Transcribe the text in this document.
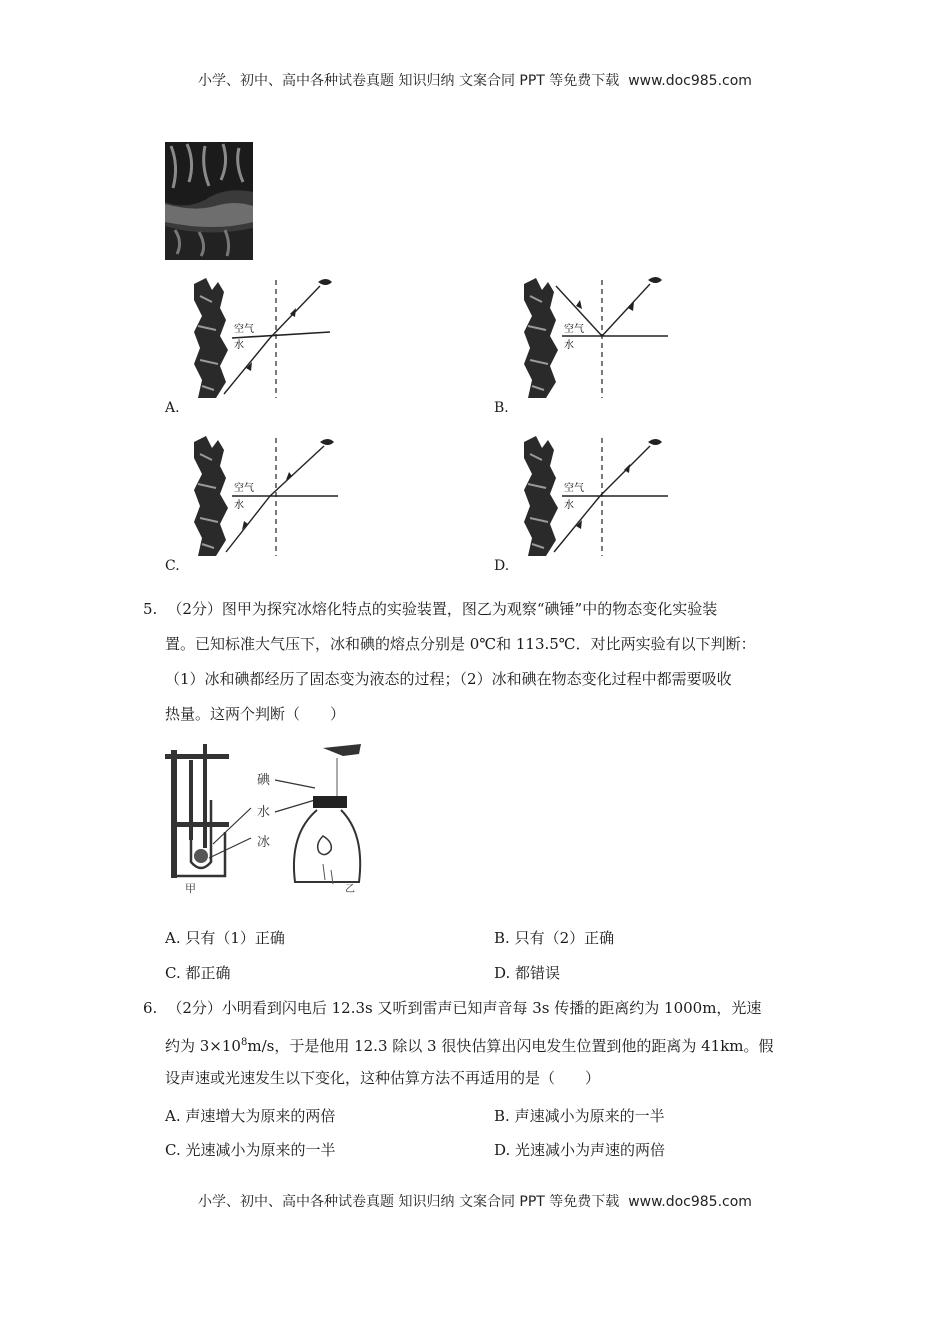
小学、初中、高中各种试卷真题 知识归纳 文案合同 PPT 等免费下载 www.doc985.com
空气
水
A.
空气
水
B.
空气
水
C.
空气
水
D.
5. （2分）图甲为探究冰熔化特点的实验装置，图乙为观察“碘锤”中的物态变化实验装
置。已知标准大气压下，冰和碘的熔点分别是 0℃和 113.5℃．对比两实验有以下判断：
（1）冰和碘都经历了固态变为液态的过程；（2）冰和碘在物态变化过程中都需要吸收
热量。这两个判断（　　）
甲
碘
水
冰
乙
A. 只有（1）正确	B. 只有（2）正确
C. 都正确	D. 都错误
6. （2分）小明看到闪电后 12.3s 又听到雷声已知声音每 3s 传播的距离约为 1000m，光速
约为 $3\times 10^8m/s$，于是他用 12.3 除以 3 很快估算出闪电发生位置到他的距离为 41km。假
设声速或光速发生以下变化，这种估算方法不再适用的是（　　）
A. 声速增大为原来的两倍	B. 声速减小为原来的一半
C. 光速减小为原来的一半	D. 光速减小为声速的两倍
小学、初中、高中各种试卷真题 知识归纳 文案合同 PPT 等免费下载 www.doc985.com
